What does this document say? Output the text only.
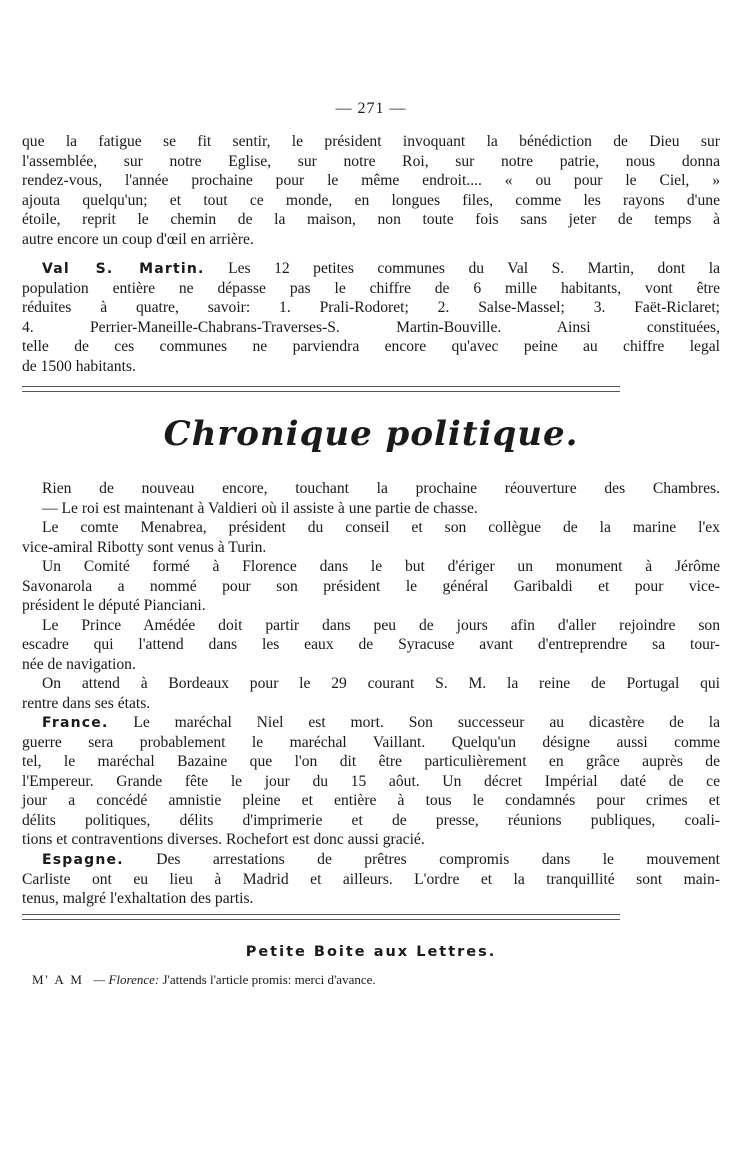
— 271 —
que la fatigue se fit sentir, le président invoquant la bénédiction de Dieu sur
l'assemblée, sur notre Eglise, sur notre Roi, sur notre patrie, nous donna
rendez-vous, l'année prochaine pour le même endroit.... « ou pour le Ciel, »
ajouta quelqu'un; et tout ce monde, en longues files, comme les rayons d'une
étoile, reprit le chemin de la maison, non toute fois sans jeter de temps à
autre encore un coup d'œil en arrière.
Val S. Martin. Les 12 petites communes du Val S. Martin, dont la
population entière ne dépasse pas le chiffre de 6 mille habitants, vont être
réduites à quatre, savoir: 1. Prali-Rodoret; 2. Salse-Massel; 3. Faët-Riclaret;
4. Perrier-Maneille-Chabrans-Traverses-S. Martin-Bouville. Ainsi constituées,
telle de ces communes ne parviendra encore qu'avec peine au chiffre legal
de 1500 habitants.
Chronique politique.
Rien de nouveau encore, touchant la prochaine réouverture des Chambres.
— Le roi est maintenant à Valdieri où il assiste à une partie de chasse.
Le comte Menabrea, président du conseil et son collègue de la marine l'ex
vice-amiral Ribotty sont venus à Turin.
Un Comité formé à Florence dans le but d'ériger un monument à Jérôme
Savonarola a nommé pour son président le général Garibaldi et pour vice-
président le député Pianciani.
Le Prince Amédée doit partir dans peu de jours afin d'aller rejoindre son
escadre qui l'attend dans les eaux de Syracuse avant d'entreprendre sa tour-
née de navigation.
On attend à Bordeaux pour le 29 courant S. M. la reine de Portugal qui
rentre dans ses états.
France. Le maréchal Niel est mort. Son successeur au dicastère de la
guerre sera probablement le maréchal Vaillant. Quelqu'un désigne aussi comme
tel, le maréchal Bazaine que l'on dit être particulièrement en grâce auprès de
l'Empereur. Grande fête le jour du 15 aôut. Un décret Impérial daté de ce
jour a concédé amnistie pleine et entière à tous le condamnés pour crimes et
délits politiques, délits d'imprimerie et de presse, réunions publiques, coali-
tions et contraventions diverses. Rochefort est donc aussi gracié.
Espagne. Des arrestations de prêtres compromis dans le mouvement
Carliste ont eu lieu à Madrid et ailleurs. L'ordre et la tranquillité sont main-
tenus, malgré l'exhaltation des partis.
Petite Boite aux Lettres.
M' A M — Florence: J'attends l'article promis: merci d'avance.
